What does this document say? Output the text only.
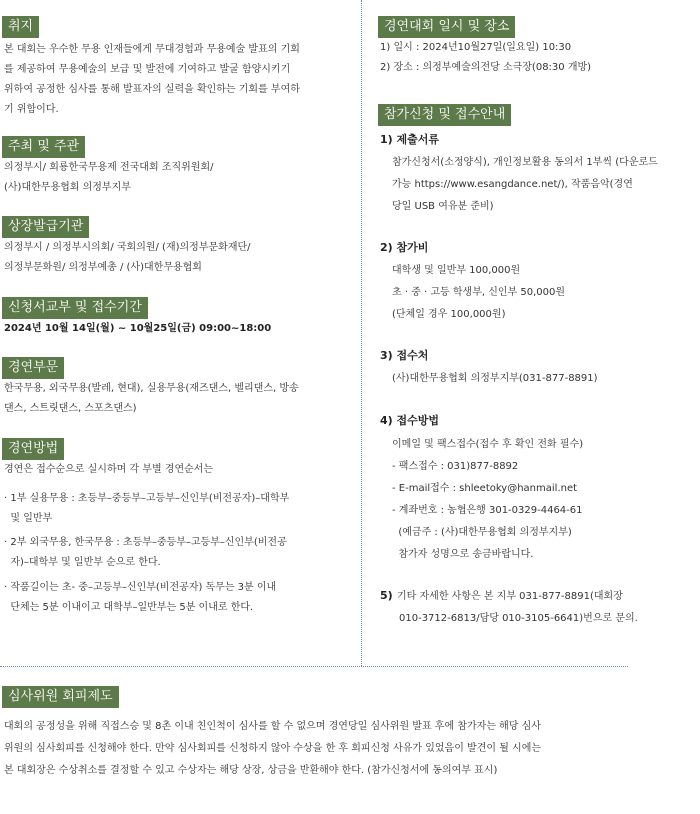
취지
본 대회는 우수한 무용 인재들에게 무대경험과 무용예술 발표의 기회
를 제공하여 무용예술의 보급 및 발전에 기여하고 발굴 함양시키기
위하여 공정한 심사를 통해 발표자의 실력을 확인하는 기회를 부여하
기 위함이다.
주최 및 주관
의정부시/ 회룡한국무용제 전국대회 조직위원회/
(사)대한무용협회 의정부지부
상장발급기관
의정부시 / 의정부시의회/ 국회의원/ (재)의정부문화재단/
의정부문화원/ 의정부예총 / (사)대한무용협회
신청서교부 및 접수기간
2024년 10월 14일(월) ~ 10월25일(금) 09:00~18:00
경연부문
한국무용, 외국무용(발레, 현대), 실용무용(재즈댄스, 벨리댄스, 방송
댄스, 스트릿댄스, 스포츠댄스)
경연방법
경연은 접수순으로 실시하며 각 부별 경연순서는
· 1부 실용무용 : 초등부–중등부–고등부–신인부(비전공자)–대학부
및 일반부
· 2부 외국무용, 한국무용 : 초등부–중등부–고등부–신인부(비전공
자)–대학부 및 일반부 순으로 한다.
· 작품길이는 초- 중–고등부–신인부(비전공자) 독무는 3분 이내
단체는 5분 이내이고 대학부–일반부는 5분 이내로 한다.
경연대회 일시 및 장소
1) 일시 : 2024년10월27일(일요일) 10:30
2) 장소 : 의정부예술의전당 소극장(08:30 개방)
참가신청 및 접수안내
1) 제출서류
참가신청서(소정양식), 개인정보활용 동의서 1부씩 (다운로드
가능 https://www.esangdance.net/), 작품음악(경연
당일 USB 여유분 준비)
2) 참가비
대학생 및 일반부 100,000원
초 · 중 · 고등 학생부, 신인부 50,000원
(단체일 경우 100,000원)
3) 접수처
(사)대한무용협회 의정부지부(031-877-8891)
4) 접수방법
이메일 및 팩스접수(접수 후 확인 전화 필수)
- 팩스접수 : 031)877-8892
- E-mail접수 : shleetoky@hanmail.net
- 계좌번호 : 농협은행 301-0329-4464-61
(예금주 : (사)대한무용협회 의정부지부)
참가자 성명으로 송금바랍니다.
5) 기타 자세한 사항은 본 지부 031-877-8891(대회장
010-3712-6813/담당 010-3105-6641)번으로 문의.
심사위원 회피제도
대회의 공정성을 위해 직접스승 및 8촌 이내 친인척이 심사를 할 수 없으며 경연당일 심사위원 발표 후에 참가자는 해당 심사
위원의 심사회피를 신청해야 한다. 만약 심사회피를 신청하지 않아 수상을 한 후 회피신청 사유가 있었음이 발견이 될 시에는
본 대회장은 수상취소를 결정할 수 있고 수상자는 해당 상장, 상금을 반환해야 한다. (참가신청서에 동의여부 표시)
